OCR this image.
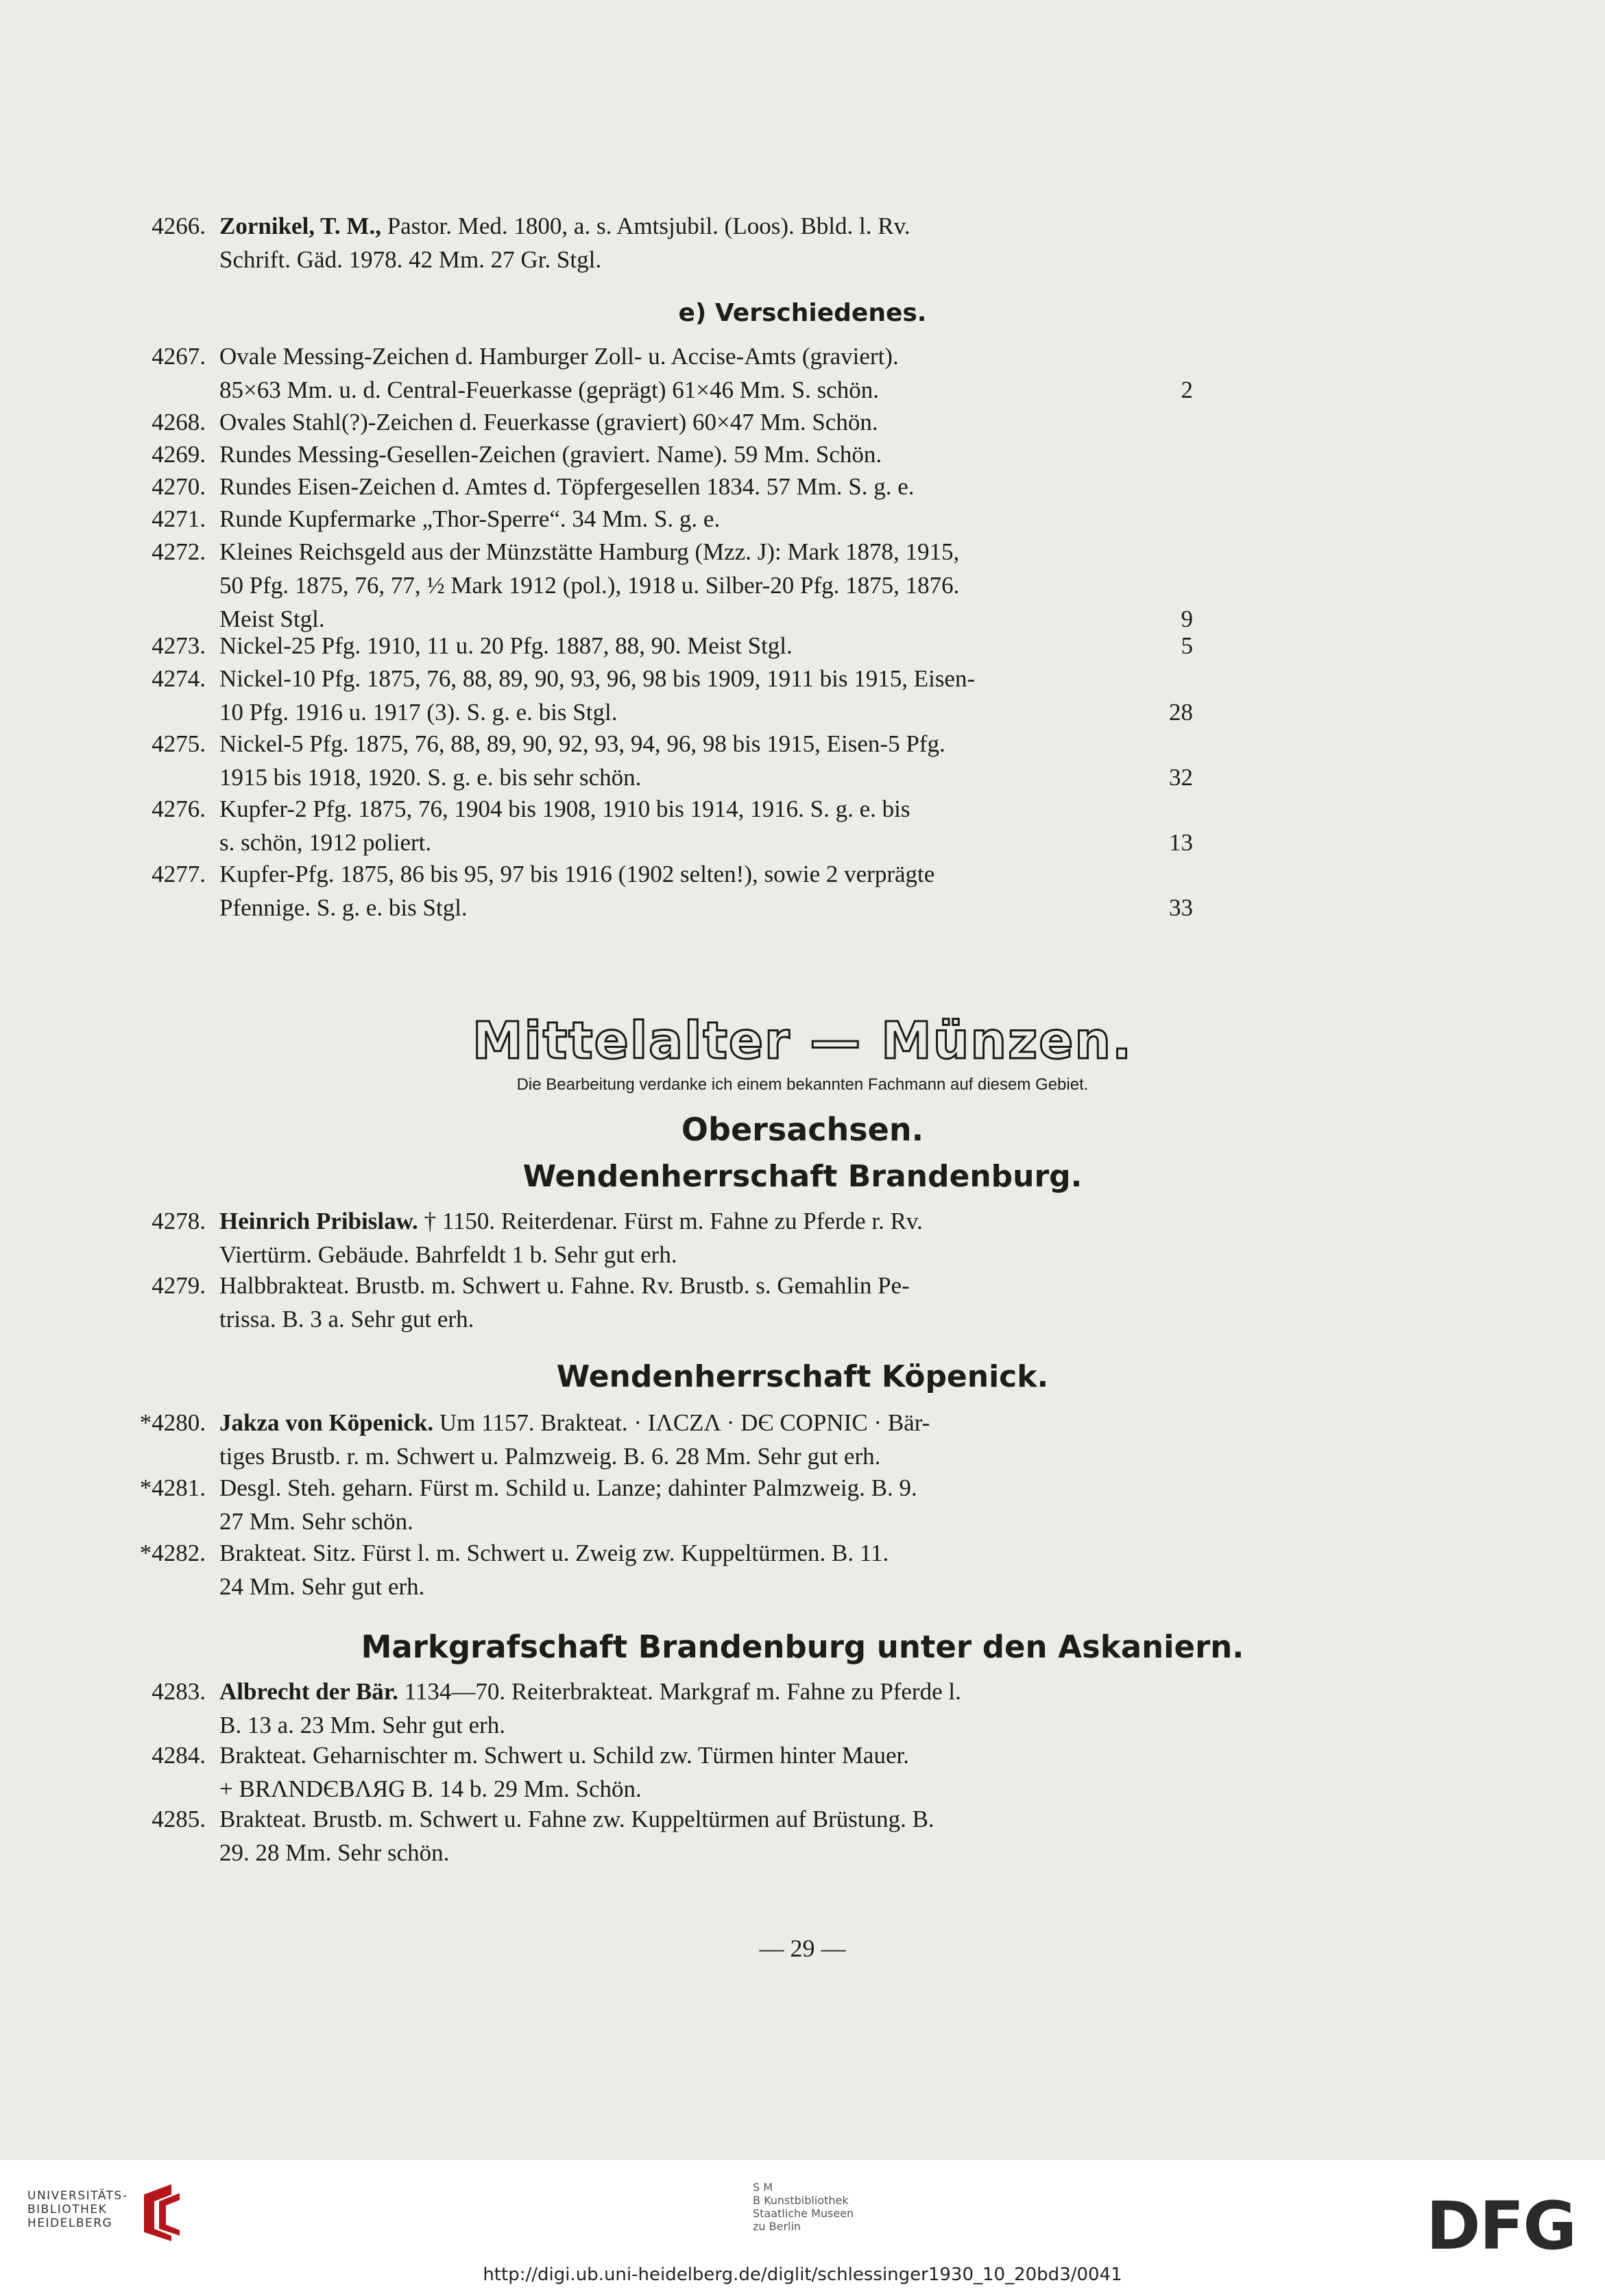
4266. Zornikel, T. M., Pastor. Med. 1800, a. s. Amtsjubil. (Loos). Bbld. l. Rv.
Schrift. Gäd. 1978. 42 Mm. 27 Gr. Stgl.
e) Verschiedenes.
4267. Ovale Messing-Zeichen d. Hamburger Zoll- u. Accise-Amts (graviert).
85×63 Mm. u. d. Central-Feuerkasse (geprägt) 61×46 Mm. S. schön.	2
4268. Ovales Stahl(?)-Zeichen d. Feuerkasse (graviert) 60×47 Mm. Schön.
4269. Rundes Messing-Gesellen-Zeichen (graviert. Name). 59 Mm. Schön.
4270. Rundes Eisen-Zeichen d. Amtes d. Töpfergesellen 1834. 57 Mm. S. g. e.
4271. Runde Kupfermarke „Thor-Sperre“. 34 Mm. S. g. e.
4272. Kleines Reichsgeld aus der Münzstätte Hamburg (Mzz. J): Mark 1878, 1915,
50 Pfg. 1875, 76, 77, ½ Mark 1912 (pol.), 1918 u. Silber-20 Pfg. 1875, 1876.
Meist Stgl.	9
4273. Nickel-25 Pfg. 1910, 11 u. 20 Pfg. 1887, 88, 90. Meist Stgl.	5
4274. Nickel-10 Pfg. 1875, 76, 88, 89, 90, 93, 96, 98 bis 1909, 1911 bis 1915, Eisen-
10 Pfg. 1916 u. 1917 (3). S. g. e. bis Stgl.	28
4275. Nickel-5 Pfg. 1875, 76, 88, 89, 90, 92, 93, 94, 96, 98 bis 1915, Eisen-5 Pfg.
1915 bis 1918, 1920. S. g. e. bis sehr schön.	32
4276. Kupfer-2 Pfg. 1875, 76, 1904 bis 1908, 1910 bis 1914, 1916. S. g. e. bis
s. schön, 1912 poliert.	13
4277. Kupfer-Pfg. 1875, 86 bis 95, 97 bis 1916 (1902 selten!), sowie 2 verprägte
Pfennige. S. g. e. bis Stgl.	33
Mittelalter — Münzen.
Die Bearbeitung verdanke ich einem bekannten Fachmann auf diesem Gebiet.
Obersachsen.
Wendenherrschaft Brandenburg.
4278. Heinrich Pribislaw. † 1150. Reiterdenar. Fürst m. Fahne zu Pferde r. Rv.
Viertürm. Gebäude. Bahrfeldt 1 b. Sehr gut erh.
4279. Halbbrakteat. Brustb. m. Schwert u. Fahne. Rv. Brustb. s. Gemahlin Pe-
trissa. B. 3 a. Sehr gut erh.
Wendenherrschaft Köpenick.
*4280. Jakza von Köpenick. Um 1157. Brakteat. · IΛCZΛ · DЄ COPNIC · Bär-
tiges Brustb. r. m. Schwert u. Palmzweig. B. 6. 28 Mm. Sehr gut erh.
*4281. Desgl. Steh. geharn. Fürst m. Schild u. Lanze; dahinter Palmzweig. B. 9.
27 Mm. Sehr schön.
*4282. Brakteat. Sitz. Fürst l. m. Schwert u. Zweig zw. Kuppeltürmen. B. 11.
24 Mm. Sehr gut erh.
Markgrafschaft Brandenburg unter den Askaniern.
4283. Albrecht der Bär. 1134—70. Reiterbrakteat. Markgraf m. Fahne zu Pferde l.
B. 13 a. 23 Mm. Sehr gut erh.
4284. Brakteat. Geharnischter m. Schwert u. Schild zw. Türmen hinter Mauer.
+ BRΛNDЄBΛЯG B. 14 b. 29 Mm. Schön.
4285. Brakteat. Brustb. m. Schwert u. Fahne zw. Kuppeltürmen auf Brüstung. B.
29. 28 Mm. Sehr schön.
— 29 —
UNIVERSITÄTS-
BIBLIOTHEK
HEIDELBERG
S M
B Kunstbibliothek
Staatliche Museen
zu Berlin	DFG
http://digi.ub.uni-heidelberg.de/diglit/schlessinger1930_10_20bd3/0041
